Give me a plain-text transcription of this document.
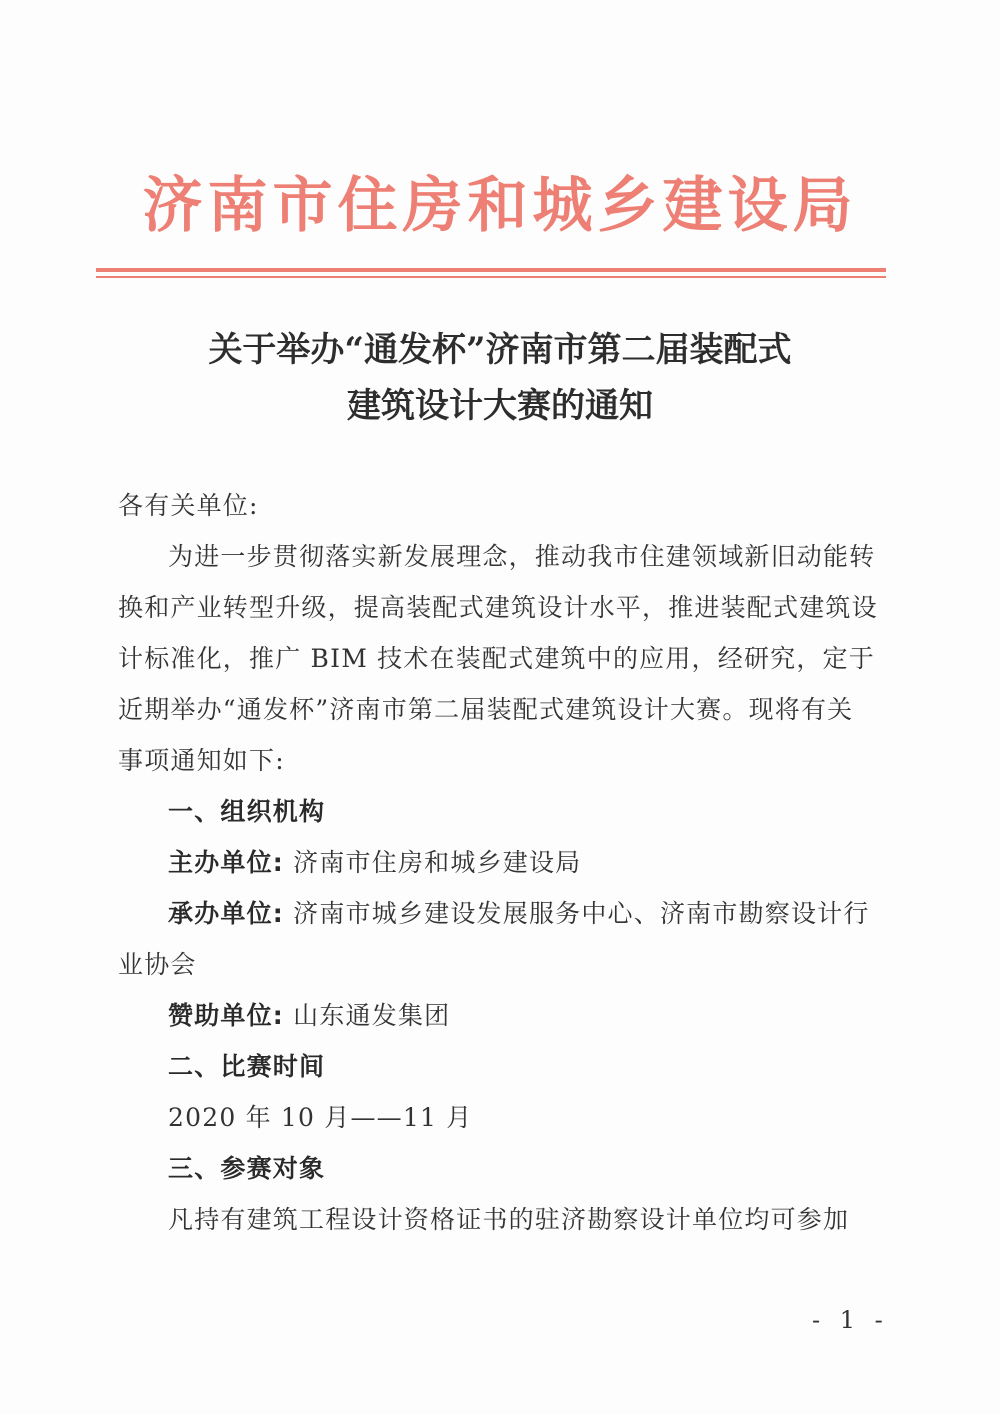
济南市住房和城乡建设局
关于举办“通发杯”济南市第二届装配式
建筑设计大赛的通知

各有关单位:

为进一步贯彻落实新发展理念，推动我市住建领域新旧动能转换和产业转型升级，提高装配式建筑设计水平，推进装配式建筑设计标准化，推广 BIM 技术在装配式建筑中的应用，经研究，定于近期举办“通发杯”济南市第二届装配式建筑设计大赛。现将有关事项通知如下:

一、组织机构

主办单位: 济南市住房和城乡建设局

承办单位: 济南市城乡建设发展服务中心、济南市勘察设计行业协会

赞助单位: 山东通发集团

二、比赛时间

2020 年 10 月——11 月

三、参赛对象

凡持有建筑工程设计资格证书的驻济勘察设计单位均可参加

- 1 -
